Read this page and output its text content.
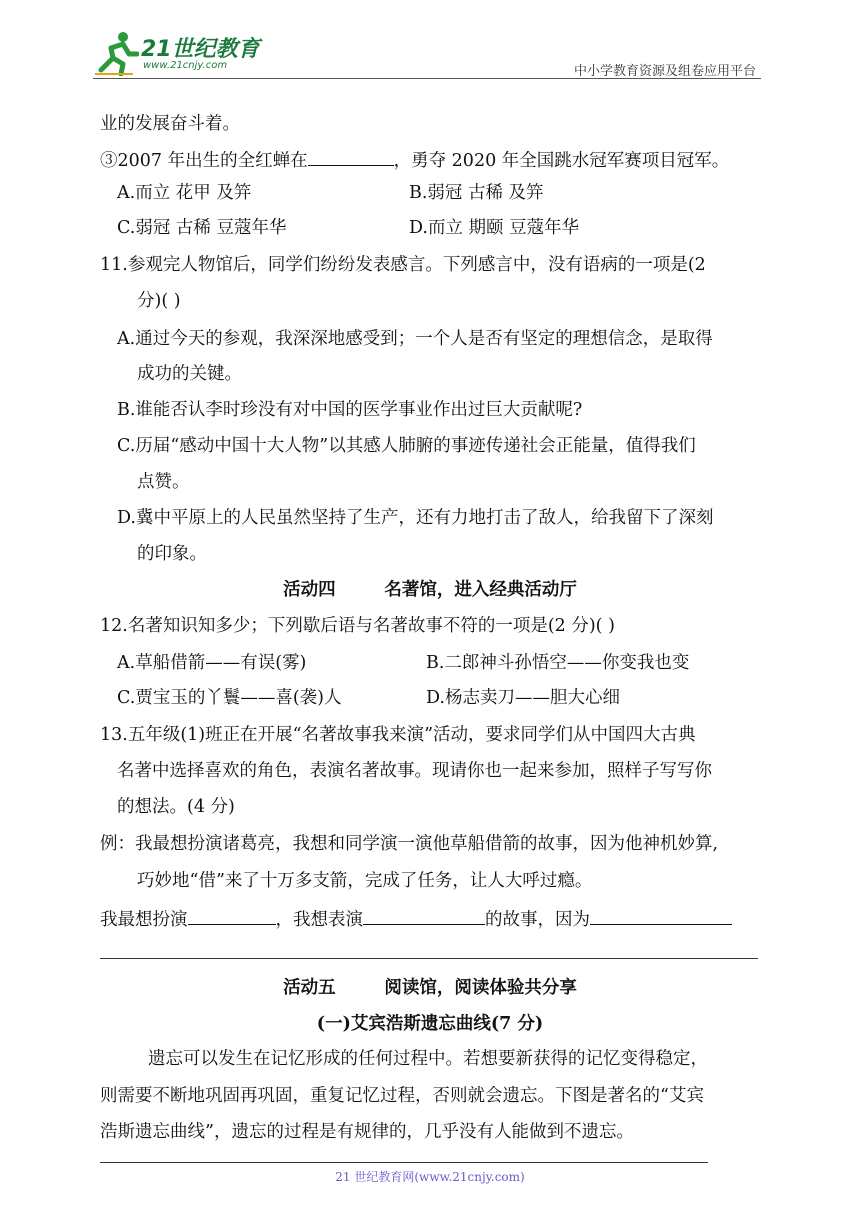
21世纪教育
www.21cnjy.com	中小学教育资源及组卷应用平台
业的发展奋斗着。
③2007 年出生的全红蝉在	，勇夺 2020 年全国跳水冠军赛项目冠军。
A.而立 花甲 及笄	B.弱冠 古稀 及笄
C.弱冠 古稀 豆蔻年华	D.而立 期颐 豆蔻年华
11.参观完人物馆后，同学们纷纷发表感言。下列感言中，没有语病的一项是(2
分)( )
A.通过今天的参观，我深深地感受到；一个人是否有坚定的理想信念，是取得
成功的关键。
B.谁能否认李时珍没有对中国的医学事业作出过巨大贡献呢?
C.历届“感动中国十大人物”以其感人肺腑的事迹传递社会正能量，值得我们
点赞。
D.冀中平原上的人民虽然坚持了生产，还有力地打击了敌人，给我留下了深刻
的印象。
活动四        名著馆，进入经典活动厅
12.名著知识知多少；下列歇后语与名著故事不符的一项是(2 分)( )
A.草船借箭——有误(雾)	B.二郎神斗孙悟空——你变我也变
C.贾宝玉的丫鬟——喜(袭)人	D.杨志卖刀——胆大心细
13.五年级(1)班正在开展“名著故事我来演”活动，要求同学们从中国四大古典
名著中选择喜欢的角色，表演名著故事。现请你也一起来参加，照样子写写你
的想法。(4 分)
例：我最想扮演诸葛亮，我想和同学演一演他草船借箭的故事，因为他神机妙算,
巧妙地“借”来了十万多支箭，完成了任务，让人大呼过瘾。
我最想扮演	，我想表演	的故事，因为
活动五        阅读馆，阅读体验共分享
(一)艾宾浩斯遗忘曲线(7 分)
遗忘可以发生在记忆形成的任何过程中。若想要新获得的记忆变得稳定，
则需要不断地巩固再巩固，重复记忆过程，否则就会遗忘。下图是著名的“艾宾
浩斯遗忘曲线”，遗忘的过程是有规律的，几乎没有人能做到不遗忘。
21 世纪教育网(www.21cnjy.com)
